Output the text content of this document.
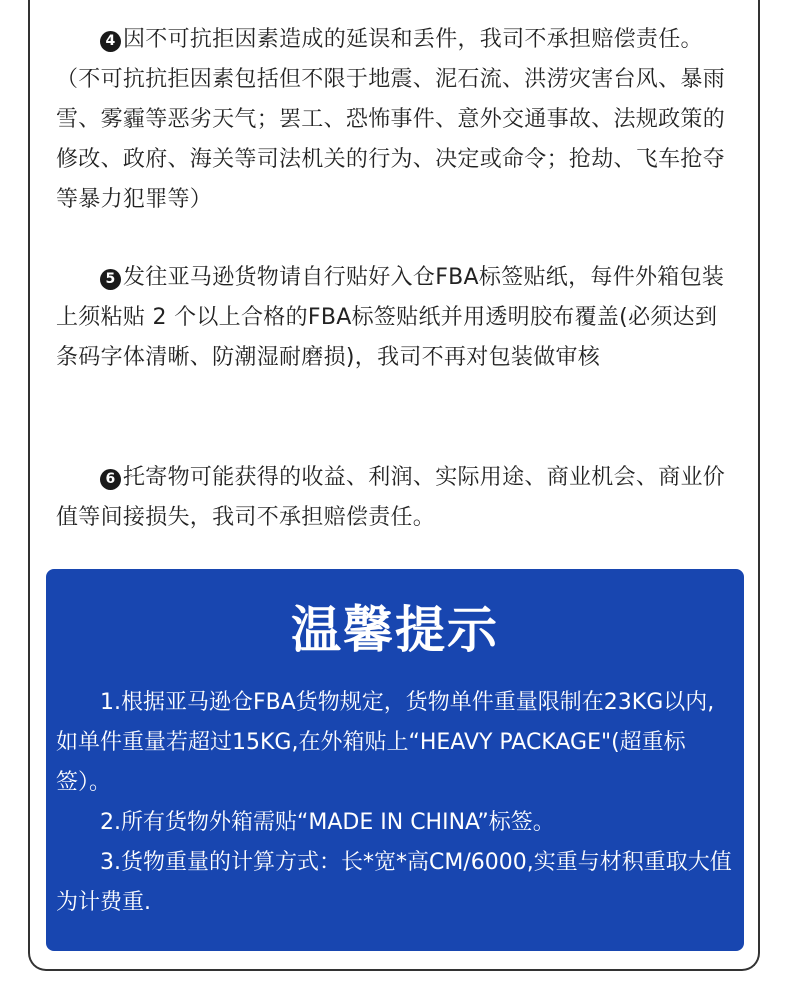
4 因不可抗拒因素造成的延误和丢件，我司不承担赔偿责任。（不可抗抗拒因素包括但不限于地震、泥石流、洪涝灾害台风、暴雨雪、雾霾等恶劣天气；罢工、恐怖事件、意外交通事故、法规政策的修改、政府、海关等司法机关的行为、决定或命令；抢劫、飞车抢夺等暴力犯罪等）

5 发往亚马逊货物请自行贴好入仓FBA标签贴纸，每件外箱包装上须粘贴 2 个以上合格的FBA标签贴纸并用透明胶布覆盖(必须达到条码字体清晰、防潮湿耐磨损)，我司不再对包装做审核

6 托寄物可能获得的收益、利润、实际用途、商业机会、商业价值等间接损失，我司不承担赔偿责任。

温馨提示

1.根据亚马逊仓FBA货物规定，货物单件重量限制在23KG以内,如单件重量若超过15KG,在外箱贴上“HEAVY PACKAGE"(超重标签）。

2.所有货物外箱需贴“MADE IN CHINA”标签。

3.货物重量的计算方式：长*宽*高CM/6000,实重与材积重取大值为计费重.
